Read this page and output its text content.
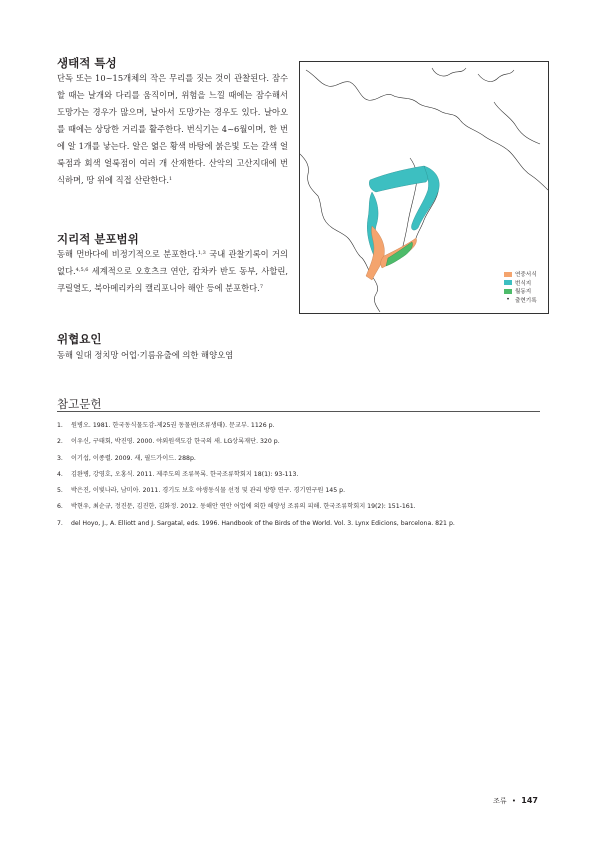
생태적 특성

단독 또는 10~15개체의 작은 무리를 짓는 것이 관찰된다. 잠수할 때는 날개와 다리를 움직이며, 위험을 느낄 때에는 잠수해서 도망가는 경우가 많으며, 날아서 도망가는 경우도 있다. 날아오를 때에는 상당한 거리를 활주한다. 번식기는 4~6월이며, 한 번에 알 1개를 낳는다. 알은 엷은 황색 바탕에 붉은빛 도는 갈색 얼룩점과 회색 얼룩점이 여러 개 산재한다. 산악의 고산지대에 번식하며, 땅 위에 직접 산란한다.$^1$

지리적 분포범위

동해 먼바다에 비정기적으로 분포한다.$^{1,3}$ 국내 관찰기록이 거의 없다.$^{4,5,6}$ 세계적으로 오호츠크 연안, 캄차카 반도 동부, 사할린, 쿠릴열도, 북아메리카의 캘리포니아 해안 등에 분포한다.$^7$

위협요인
동해 일대 정치망 어업·기름유출에 의한 해양오염
연중서식
번식지
월동지
• 출현기록
참고문헌
1.	원병오. 1981. 한국동식물도감-제25권 동물편(조류생태). 문교부. 1126 p.
2.	이우신, 구태회, 박진영. 2000. 야외원색도감 한국의 새. LG상록재단. 320 p.
3.	이기섭, 이종렬. 2009. 새, 필드가이드. 288p.
4.	김완병, 강영호, 오홍식. 2011. 제주도의 조류목록. 한국조류학회지 18(1): 93-113.
5.	박은진, 이빛나라, 남미아. 2011. 경기도 보호 야생동식물 선정 및 관리 방향 연구. 경기연구원 145 p.
6.	박현우, 최순규, 정진문, 김진한, 김화정. 2012. 동해안 연안 어업에 의한 해양성 조류의 피해. 한국조류학회지 19(2): 151-161.
7.	del Hoyo, J., A. Elliott and J. Sargatal, eds. 1996. Handbook of the Birds of the World. Vol. 3. Lynx Edicions, barcelona. 821 p.
조류 • 147
